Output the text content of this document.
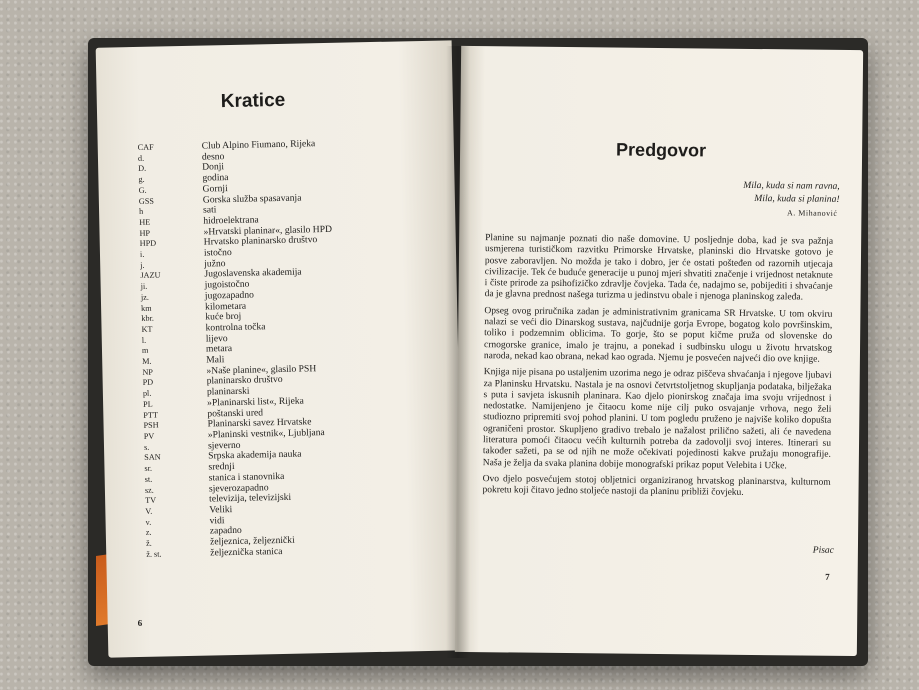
Kratice
CAF	Club Alpino Fiumano, Rijeka
d.	desno
D.	Donji
g.	godina
G.	Gornji
GSS	Gorska služba spasavanja
h	sati
HE	hidroelektrana
HP	»Hrvatski planinar«, glasilo HPD
HPD	Hrvatsko planinarsko društvo
i.	istočno
j.	južno
JAZU	Jugoslavenska akademija
ji.	jugoistočno
jz.	jugozapadno
km	kilometara
kbr.	kuće broj
KT	kontrolna točka
l.	lijevo
m	metara
M.	Mali
NP	»Naše planine«, glasilo PSH
PD	planinarsko društvo
pl.	planinarski
PL	»Planinarski list«, Rijeka
PTT	poštanski ured
PSH	Planinarski savez Hrvatske
PV	»Planinski vestnik«, Ljubljana
s.	sjeverno
SAN	Srpska akademija nauka
sr.	srednji
st.	stanica i stanovnika
sz.	sjeverozapadno
TV	televizija, televizijski
V.	Veliki
v.	vidi
z.	zapadno
ž.	željeznica, željeznički
ž. st.	željeznička stanica
6
Predgovor
Mila, kuda si nam ravna,
Mila, kuda si planina!
A. Mihanović

Planine su najmanje poznati dio naše domovine. U posljednje doba, kad je sva pažnja usmjerena turističkom razvitku Primorske Hrvatske, planinski dio Hrvatske gotovo je posve zaboravljen. No možda je tako i dobro, jer će ostati pošteđen od razornih utjecaja civilizacije. Tek će buduće generacije u punoj mjeri shvatiti značenje i vrijednost netaknute i čiste prirode za psihofizičko zdravlje čovjeka. Tada će, nadajmo se, pobijediti i shvaćanje da je glavna prednost našega turizma u jedinstvu obale i njenoga planinskog zaleđa.

Opseg ovog priručnika zadan je administrativnim granicama SR Hrvatske. U tom okviru nalazi se veći dio Dinarskog sustava, najčudnije gorja Evrope, bogatog kolo površinskim, toliko i podzemnim oblicima. To gorje, što se poput kičme pruža od slovenske do crnogorske granice, imalo je trajnu, a ponekad i sudbinsku ulogu u životu hrvatskog naroda, nekad kao obrana, nekad kao ograda. Njemu je posvećen najveći dio ove knjige.

Knjiga nije pisana po ustaljenim uzorima nego je odraz piščeva shvaćanja i njegove ljubavi za Planinsku Hrvatsku. Nastala je na osnovi četvrtstoljetnog skupljanja podataka, bilježaka s puta i savjeta iskusnih planinara. Kao djelo pionirskog značaja ima svoju vrijednost i nedostatke. Namijenjeno je čitaocu kome nije cilj puko osvajanje vrhova, nego želi studiozno pripremiti svoj pohod planini. U tom pogledu pruženo je najviše koliko dopušta ograničeni prostor. Skupljeno gradivo trebalo je nažalost prilično sažeti, ali će navedena literatura pomoći čitaocu većih kulturnih potreba da zadovolji svoj interes. Itinerari su također sažeti, pa se od njih ne može očekivati pojedinosti kakve pružaju monografije. Naša je želja da svaka planina dobije monografski prikaz poput Velebita i Učke.

Ovo djelo posvećujem stotoj obljetnici organiziranog hrvatskog planinarstva, kulturnom pokretu koji čitavo jedno stoljeće nastoji da planinu približi čovjeku.

Pisac
7
